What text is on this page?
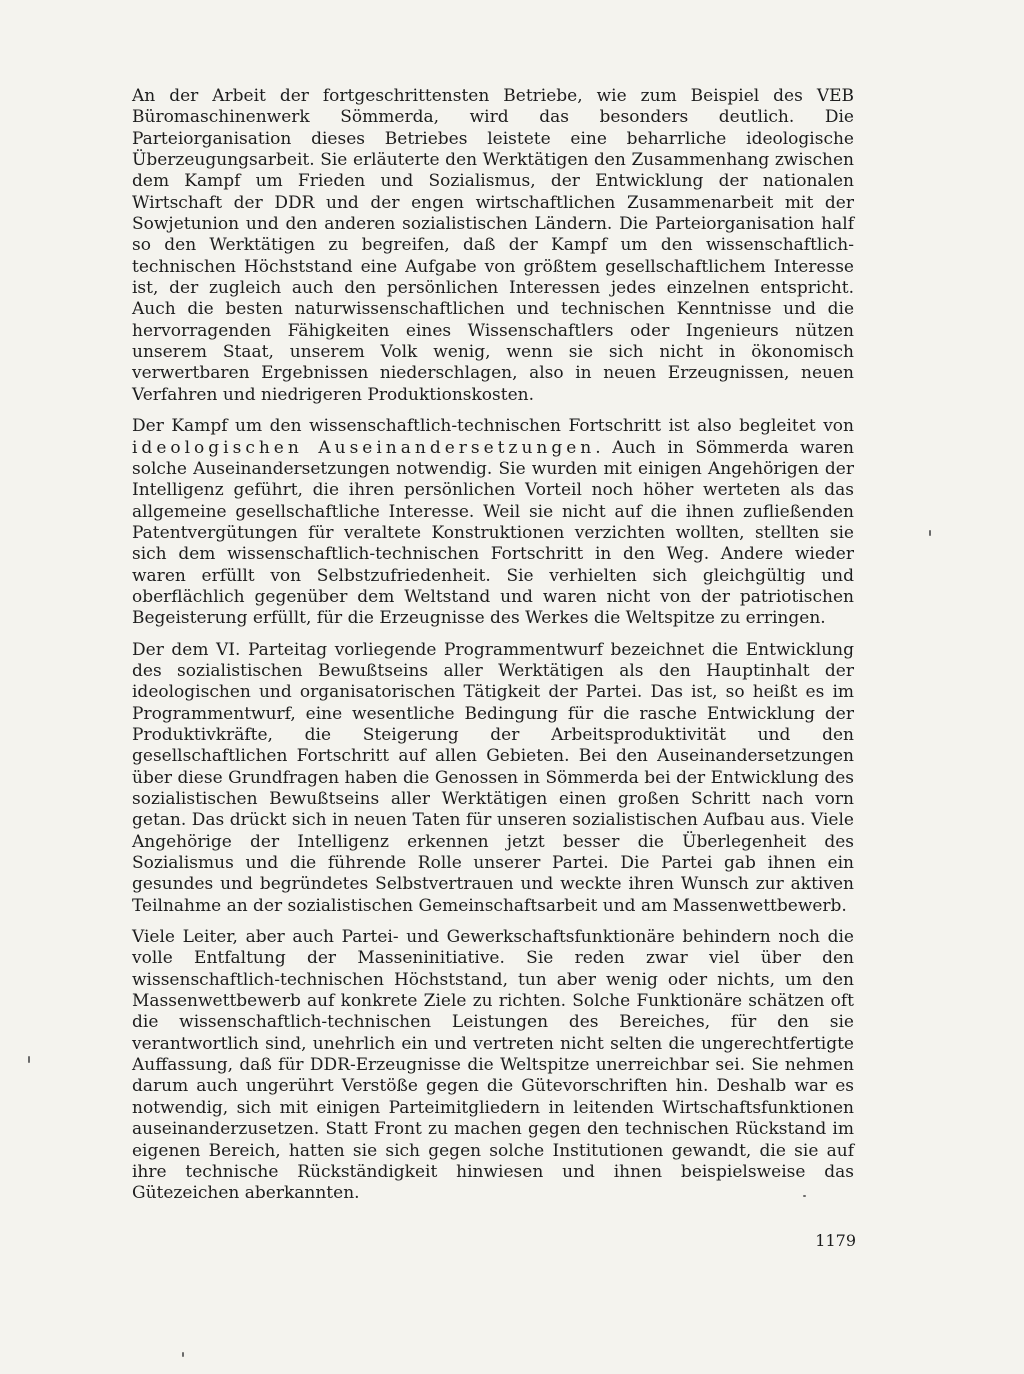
An der Arbeit der fortgeschrittensten Betriebe, wie zum Beispiel des VEB Büromaschinenwerk Sömmerda, wird das besonders deutlich. Die Parteiorganisation dieses Betriebes leistete eine beharrliche ideologische Überzeugungsarbeit. Sie erläuterte den Werktätigen den Zusammenhang zwischen dem Kampf um Frieden und Sozialismus, der Entwicklung der nationalen Wirtschaft der DDR und der engen wirtschaftlichen Zusammenarbeit mit der Sowjetunion und den anderen sozialistischen Ländern. Die Parteiorganisation half so den Werktätigen zu begreifen, daß der Kampf um den wissenschaftlich-technischen Höchststand eine Aufgabe von größtem gesellschaftlichem Interesse ist, der zugleich auch den persönlichen Interessen jedes einzelnen entspricht. Auch die besten naturwissenschaftlichen und technischen Kenntnisse und die hervorragenden Fähigkeiten eines Wissenschaftlers oder Ingenieurs nützen unserem Staat, unserem Volk wenig, wenn sie sich nicht in ökonomisch verwertbaren Ergebnissen niederschlagen, also in neuen Erzeugnissen, neuen Verfahren und niedrigeren Produktionskosten.

Der Kampf um den wissenschaftlich-technischen Fortschritt ist also begleitet von ideologischen Auseinandersetzungen. Auch in Sömmerda waren solche Auseinandersetzungen notwendig. Sie wurden mit einigen Angehörigen der Intelligenz geführt, die ihren persönlichen Vorteil noch höher werteten als das allgemeine gesellschaftliche Interesse. Weil sie nicht auf die ihnen zufließenden Patentvergütungen für veraltete Konstruktionen verzichten wollten, stellten sie sich dem wissenschaftlich-technischen Fortschritt in den Weg. Andere wieder waren erfüllt von Selbstzufriedenheit. Sie verhielten sich gleichgültig und oberflächlich gegenüber dem Weltstand und waren nicht von der patriotischen Begeisterung erfüllt, für die Erzeugnisse des Werkes die Weltspitze zu erringen.

Der dem VI. Parteitag vorliegende Programmentwurf bezeichnet die Entwicklung des sozialistischen Bewußtseins aller Werktätigen als den Hauptinhalt der ideologischen und organisatorischen Tätigkeit der Partei. Das ist, so heißt es im Programmentwurf, eine wesentliche Bedingung für die rasche Entwicklung der Produktivkräfte, die Steigerung der Arbeitsproduktivität und den gesellschaftlichen Fortschritt auf allen Gebieten. Bei den Auseinandersetzungen über diese Grundfragen haben die Genossen in Sömmerda bei der Entwicklung des sozialistischen Bewußtseins aller Werktätigen einen großen Schritt nach vorn getan. Das drückt sich in neuen Taten für unseren sozialistischen Aufbau aus. Viele Angehörige der Intelligenz erkennen jetzt besser die Überlegenheit des Sozialismus und die führende Rolle unserer Partei. Die Partei gab ihnen ein gesundes und begründetes Selbstvertrauen und weckte ihren Wunsch zur aktiven Teilnahme an der sozialistischen Gemeinschaftsarbeit und am Massenwettbewerb.

Viele Leiter, aber auch Partei- und Gewerkschaftsfunktionäre behindern noch die volle Entfaltung der Masseninitiative. Sie reden zwar viel über den wissenschaftlich-technischen Höchststand, tun aber wenig oder nichts, um den Massenwettbewerb auf konkrete Ziele zu richten. Solche Funktionäre schätzen oft die wissenschaftlich-technischen Leistungen des Bereiches, für den sie verantwortlich sind, unehrlich ein und vertreten nicht selten die ungerechtfertigte Auffassung, daß für DDR-Erzeugnisse die Weltspitze unerreichbar sei. Sie nehmen darum auch ungerührt Verstöße gegen die Gütevorschriften hin. Deshalb war es notwendig, sich mit einigen Parteimitgliedern in leitenden Wirtschaftsfunktionen auseinanderzusetzen. Statt Front zu machen gegen den technischen Rückstand im eigenen Bereich, hatten sie sich gegen solche Institutionen gewandt, die sie auf ihre technische Rückständigkeit hinwiesen und ihnen beispielsweise das Gütezeichen aberkannten.

1179
